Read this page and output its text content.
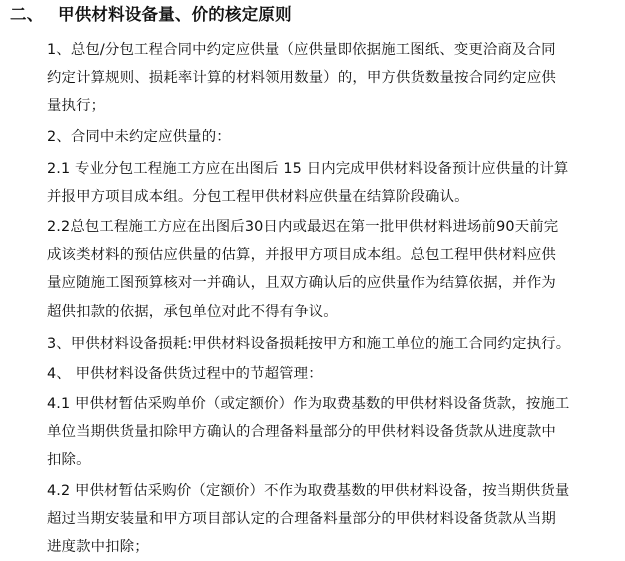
二、 甲供材料设备量、价的核定原则
1、总包/分包工程合同中约定应供量（应供量即依据施工图纸、变更洽商及合同
约定计算规则、损耗率计算的材料领用数量）的，甲方供货数量按合同约定应供
量执行；
2、合同中未约定应供量的：
2.1 专业分包工程施工方应在出图后 15 日内完成甲供材料设备预计应供量的计算
并报甲方项目成本组。分包工程甲供材料应供量在结算阶段确认。
2.2总包工程施工方应在出图后30日内或最迟在第一批甲供材料进场前90天前完
成该类材料的预估应供量的估算，并报甲方项目成本组。总包工程甲供材料应供
量应随施工图预算核对一并确认，且双方确认后的应供量作为结算依据，并作为
超供扣款的依据，承包单位对此不得有争议。
3、甲供材料设备损耗:甲供材料设备损耗按甲方和施工单位的施工合同约定执行。
4、 甲供材料设备供货过程中的节超管理：
4.1 甲供材暂估采购单价（或定额价）作为取费基数的甲供材料设备货款，按施工
单位当期供货量扣除甲方确认的合理备料量部分的甲供材料设备货款从进度款中
扣除。
4.2 甲供材暂估采购价（定额价）不作为取费基数的甲供材料设备，按当期供货量
超过当期安装量和甲方项目部认定的合理备料量部分的甲供材料设备货款从当期
进度款中扣除；
